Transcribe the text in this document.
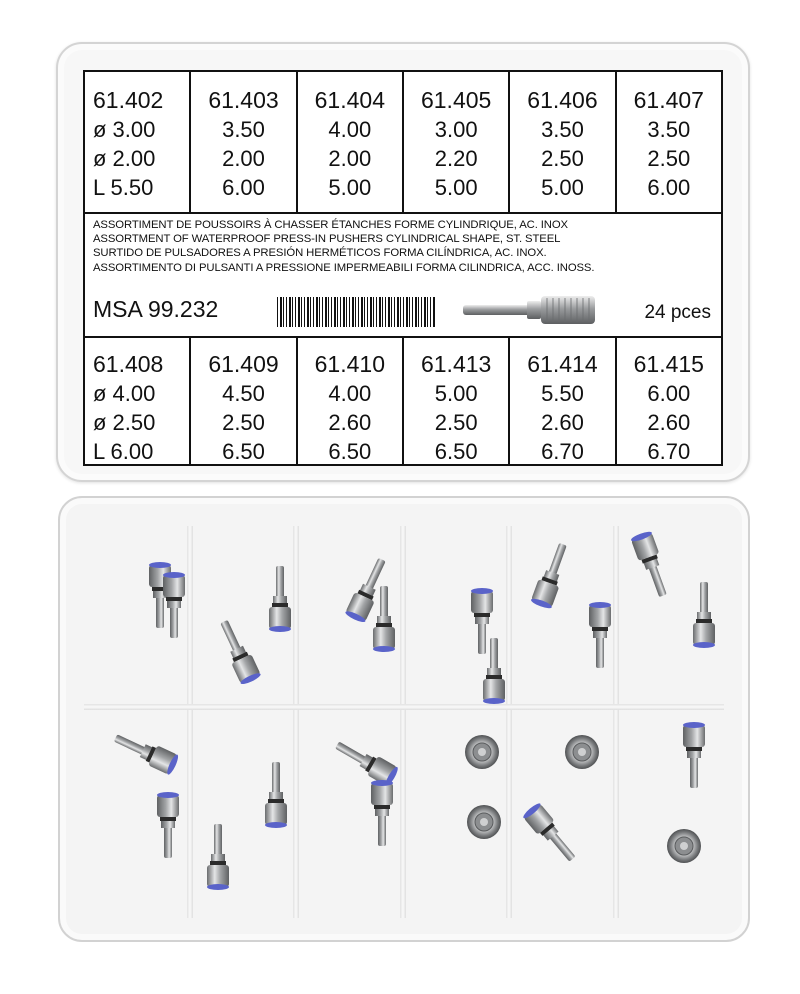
61.402
ø 3.00
ø 2.00
L 5.50
61.403
3.50
2.00
6.00
61.404
4.00
2.00
5.00
61.405
3.00
2.20
5.00
61.406
3.50
2.50
5.00
61.407
3.50
2.50
6.00
ASSORTIMENT DE POUSSOIRS À CHASSER ÉTANCHES FORME CYLINDRIQUE, AC. INOX
ASSORTMENT OF WATERPROOF PRESS-IN PUSHERS CYLINDRICAL SHAPE, ST. STEEL
SURTIDO DE PULSADORES A PRESIÓN HERMÉTICOS FORMA CILÍNDRICA, AC. INOX.
ASSORTIMENTO DI PULSANTI A PRESSIONE IMPERMEABILI FORMA CILINDRICA, ACC. INOSS.
MSA 99.232	24 pces
61.408
ø 4.00
ø 2.50
L 6.00
61.409
4.50
2.50
6.50
61.410
4.00
2.60
6.50
61.413
5.00
2.50
6.50
61.414
5.50
2.60
6.70
61.415
6.00
2.60
6.70
